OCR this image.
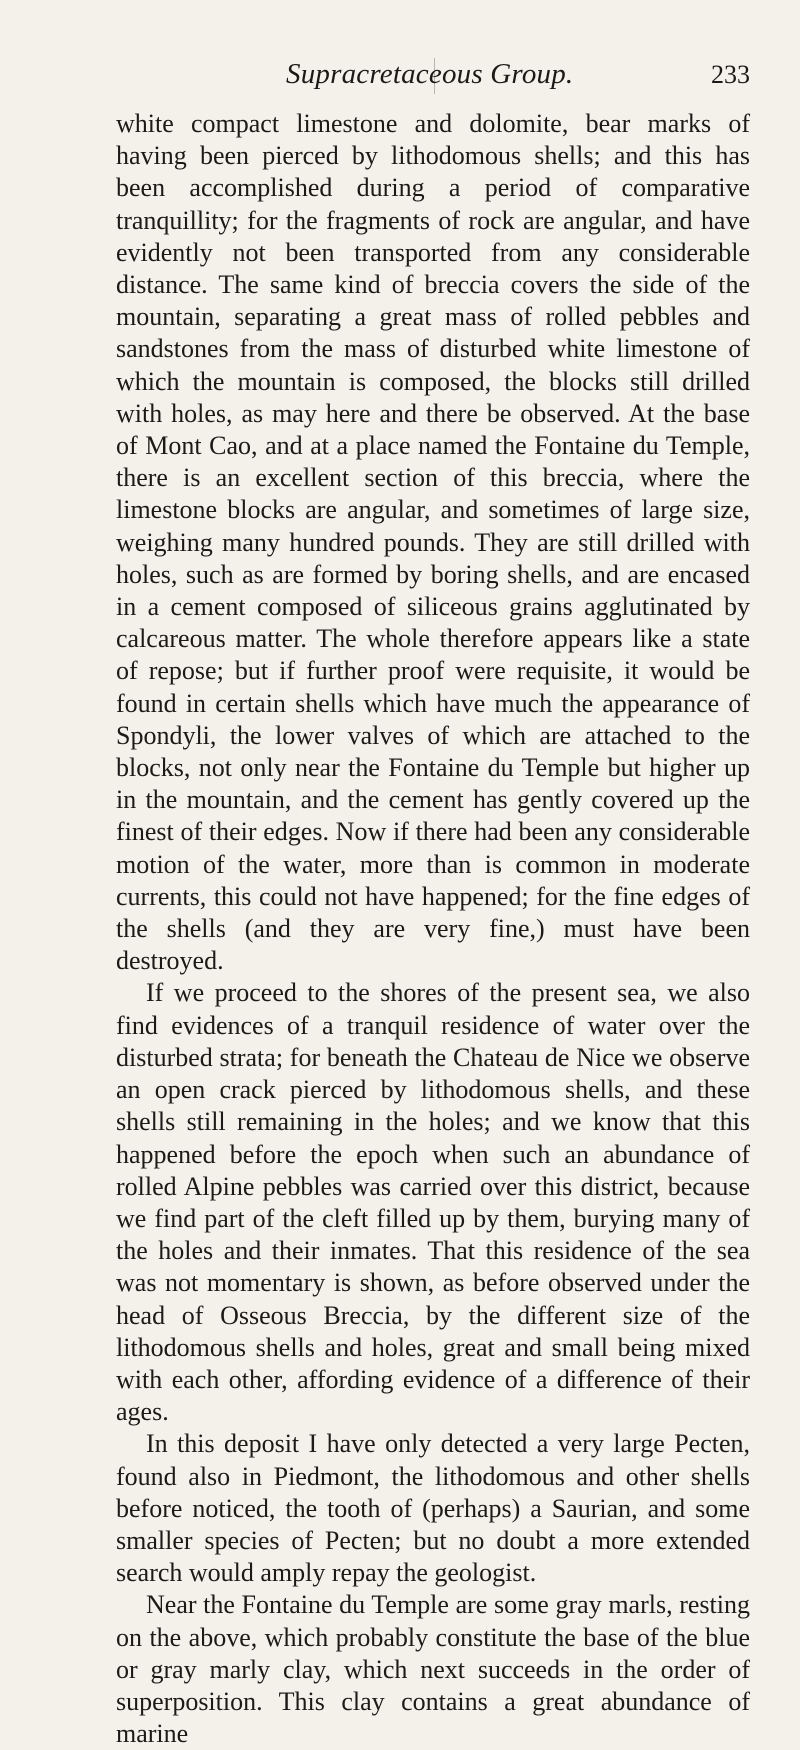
Supracretaceous Group.	233

white compact limestone and dolomite, bear marks of having been pierced by lithodomous shells; and this has been accomplished during a period of comparative tranquillity; for the fragments of rock are angular, and have evidently not been transported from any considerable distance. The same kind of breccia covers the side of the mountain, separating a great mass of rolled pebbles and sandstones from the mass of disturbed white limestone of which the mountain is composed, the blocks still drilled with holes, as may here and there be observed. At the base of Mont Cao, and at a place named the Fontaine du Temple, there is an excellent section of this breccia, where the limestone blocks are angular, and sometimes of large size, weighing many hundred pounds. They are still drilled with holes, such as are formed by boring shells, and are encased in a cement composed of siliceous grains agglutinated by calcareous matter. The whole therefore appears like a state of repose; but if further proof were requisite, it would be found in certain shells which have much the appearance of Spondyli, the lower valves of which are attached to the blocks, not only near the Fontaine du Temple but higher up in the mountain, and the cement has gently covered up the finest of their edges. Now if there had been any considerable motion of the water, more than is common in moderate currents, this could not have happened; for the fine edges of the shells (and they are very fine,) must have been destroyed.

If we proceed to the shores of the present sea, we also find evidences of a tranquil residence of water over the disturbed strata; for beneath the Chateau de Nice we observe an open crack pierced by lithodomous shells, and these shells still remaining in the holes; and we know that this happened before the epoch when such an abundance of rolled Alpine pebbles was carried over this district, because we find part of the cleft filled up by them, burying many of the holes and their inmates. That this residence of the sea was not momentary is shown, as before observed under the head of Osseous Breccia, by the different size of the lithodomous shells and holes, great and small being mixed with each other, affording evidence of a difference of their ages.

In this deposit I have only detected a very large Pecten, found also in Piedmont, the lithodomous and other shells before noticed, the tooth of (perhaps) a Saurian, and some smaller species of Pecten; but no doubt a more extended search would amply repay the geologist.

Near the Fontaine du Temple are some gray marls, resting on the above, which probably constitute the base of the blue or gray marly clay, which next succeeds in the order of superposition. This clay contains a great abundance of marine
